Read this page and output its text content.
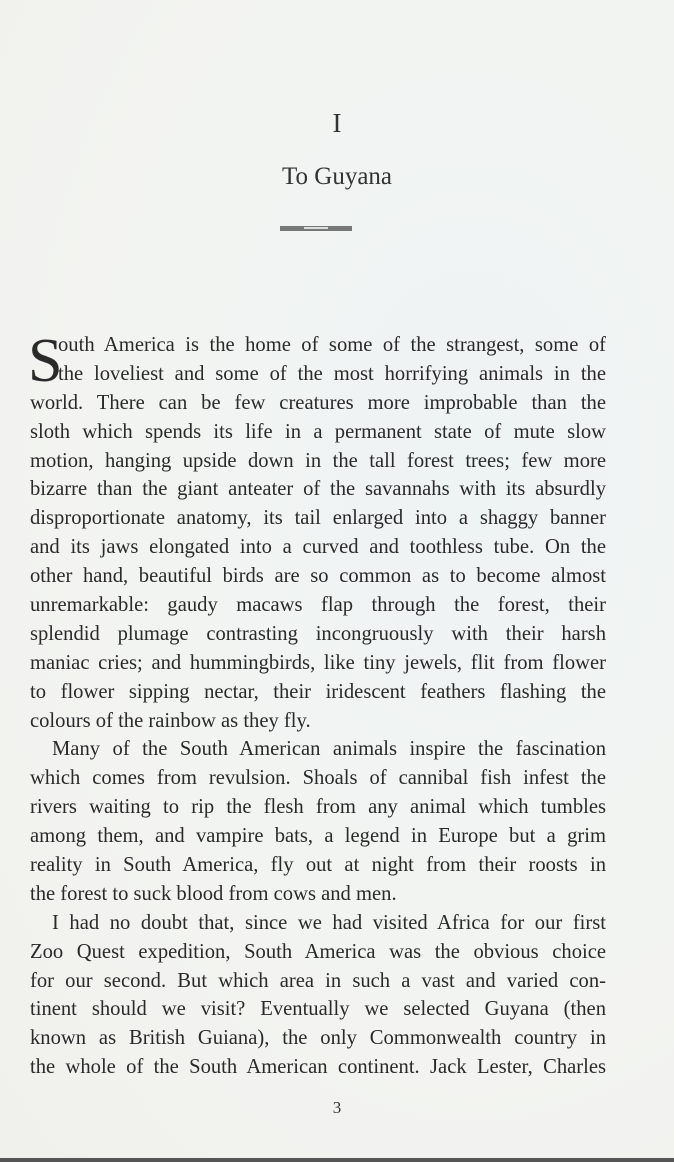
I
To Guyana
S
outh America is the home of some of the strangest, some of
the loveliest and some of the most horrifying animals in the
world. There can be few creatures more improbable than the
sloth which spends its life in a permanent state of mute slow
motion, hanging upside down in the tall forest trees; few more
bizarre than the giant anteater of the savannahs with its absurdly
disproportionate anatomy, its tail enlarged into a shaggy banner
and its jaws elongated into a curved and toothless tube. On the
other hand, beautiful birds are so common as to become almost
unremarkable: gaudy macaws flap through the forest, their
splendid plumage contrasting incongruously with their harsh
maniac cries; and hummingbirds, like tiny jewels, flit from flower
to flower sipping nectar, their iridescent feathers flashing the
colours of the rainbow as they fly.
Many of the South American animals inspire the fascination
which comes from revulsion. Shoals of cannibal fish infest the
rivers waiting to rip the flesh from any animal which tumbles
among them, and vampire bats, a legend in Europe but a grim
reality in South America, fly out at night from their roosts in
the forest to suck blood from cows and men.
I had no doubt that, since we had visited Africa for our first
Zoo Quest expedition, South America was the obvious choice
for our second. But which area in such a vast and varied con-
tinent should we visit? Eventually we selected Guyana (then
known as British Guiana), the only Commonwealth country in
the whole of the South American continent. Jack Lester, Charles
3
